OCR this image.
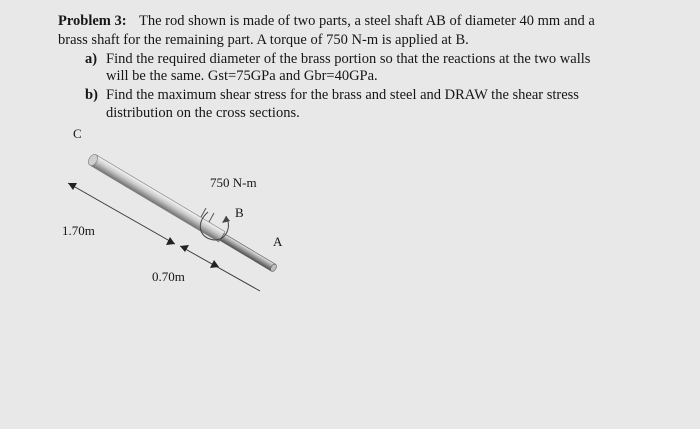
Problem 3: The rod shown is made of two parts, a steel shaft AB of diameter 40 mm and a
brass shaft for the remaining part. A torque of 750 N-m is applied at B.
a) Find the required diameter of the brass portion so that the reactions at the two walls
will be the same. Gst=75GPa and Gbr=40GPa.
b) Find the maximum shear stress for the brass and steel and DRAW the shear stress
distribution on the cross sections.
C
750 N-m
B
A
1.70m
0.70m
